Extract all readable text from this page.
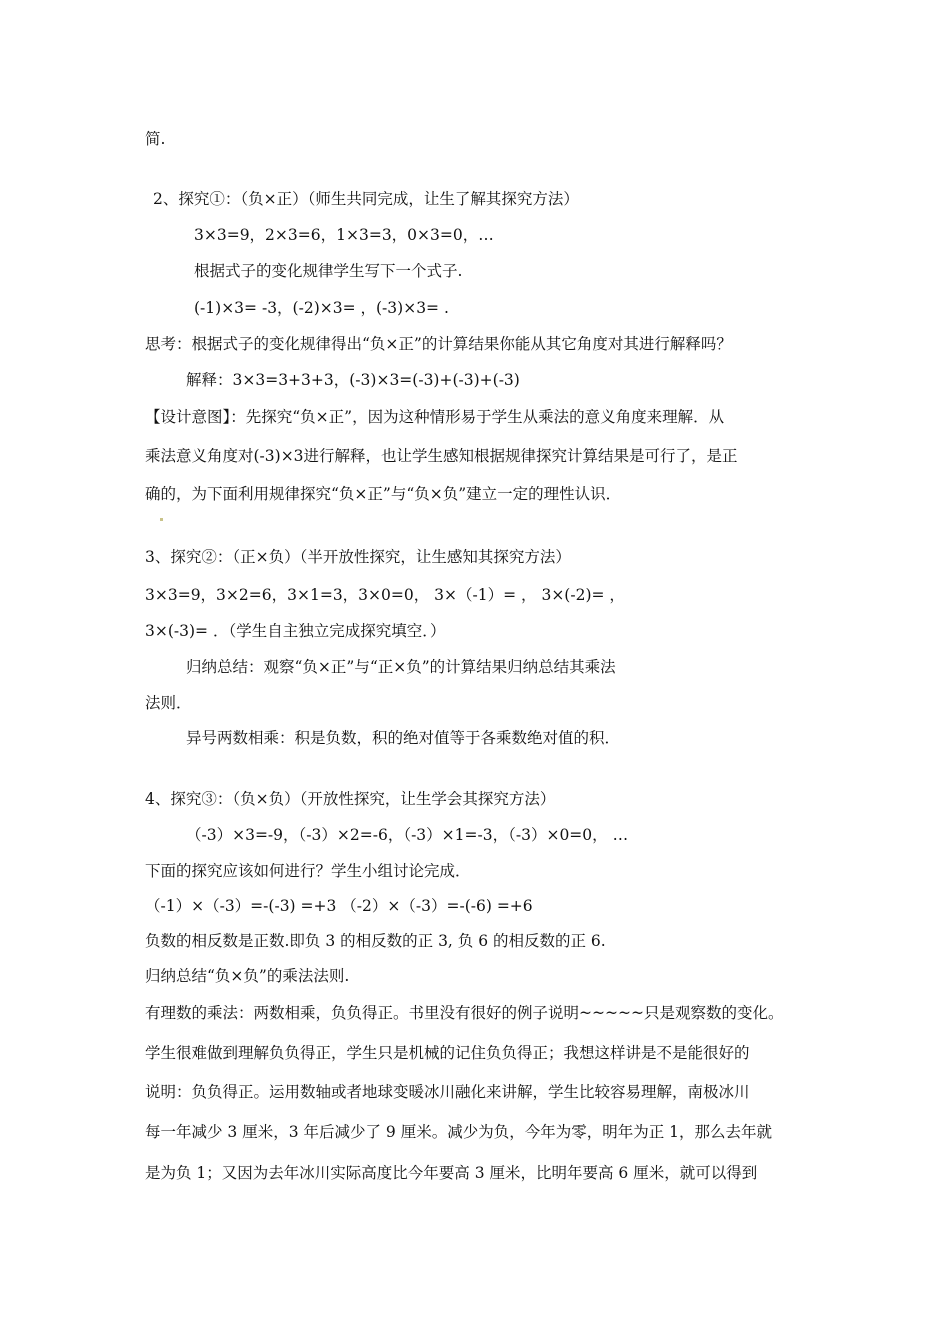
简.
2、探究①：（负×正）（师生共同完成，让生了解其探究方法）
3×3=9，2×3=6，1×3=3，0×3=0，…
根据式子的变化规律学生写下一个式子.
(-1)×3= -3，(-2)×3= ，(-3)×3= .
思考：根据式子的变化规律得出“负×正”的计算结果你能从其它角度对其进行解释吗？
解释：3×3=3+3+3，(-3)×3=(-3)+(-3)+(-3)
【设计意图】：先探究“负×正”，因为这种情形易于学生从乘法的意义角度来理解．从
乘法意义角度对(-3)×3进行解释，也让学生感知根据规律探究计算结果是可行了，是正
确的，为下面利用规律探究“负×正”与“负×负”建立一定的理性认识．
3、探究②：（正×负）（半开放性探究，让生感知其探究方法）
3×3=9，3×2=6，3×1=3，3×0=0， 3×（-1）= ， 3×(-2)= ，
3×(-3)= ．（学生自主独立完成探究填空．）
归纳总结：观察“负×正”与“正×负”的计算结果归纳总结其乘法
法则．
异号两数相乘：积是负数，积的绝对值等于各乘数绝对值的积．
4、探究③：（负×负）（开放性探究，让生学会其探究方法）
（-3）×3=-9，（-3）×2=-6，（-3）×1=-3，（-3）×0=0， …
下面的探究应该如何进行？学生小组讨论完成．
（-1）×（-3）=-(-3) =+3 （-2）×（-3）=-(-6) =+6
负数的相反数是正数.即负 3 的相反数的正 3, 负 6 的相反数的正 6.
归纳总结“负×负”的乘法法则.
有理数的乘法：两数相乘，负负得正。书里没有很好的例子说明~~~~~只是观察数的变化。
学生很难做到理解负负得正，学生只是机械的记住负负得正；我想这样讲是不是能很好的
说明：负负得正。运用数轴或者地球变暖冰川融化来讲解，学生比较容易理解，南极冰川
每一年减少 3 厘米，3 年后减少了 9 厘米。减少为负，今年为零，明年为正 1，那么去年就
是为负 1；又因为去年冰川实际高度比今年要高 3 厘米，比明年要高 6 厘米，就可以得到
